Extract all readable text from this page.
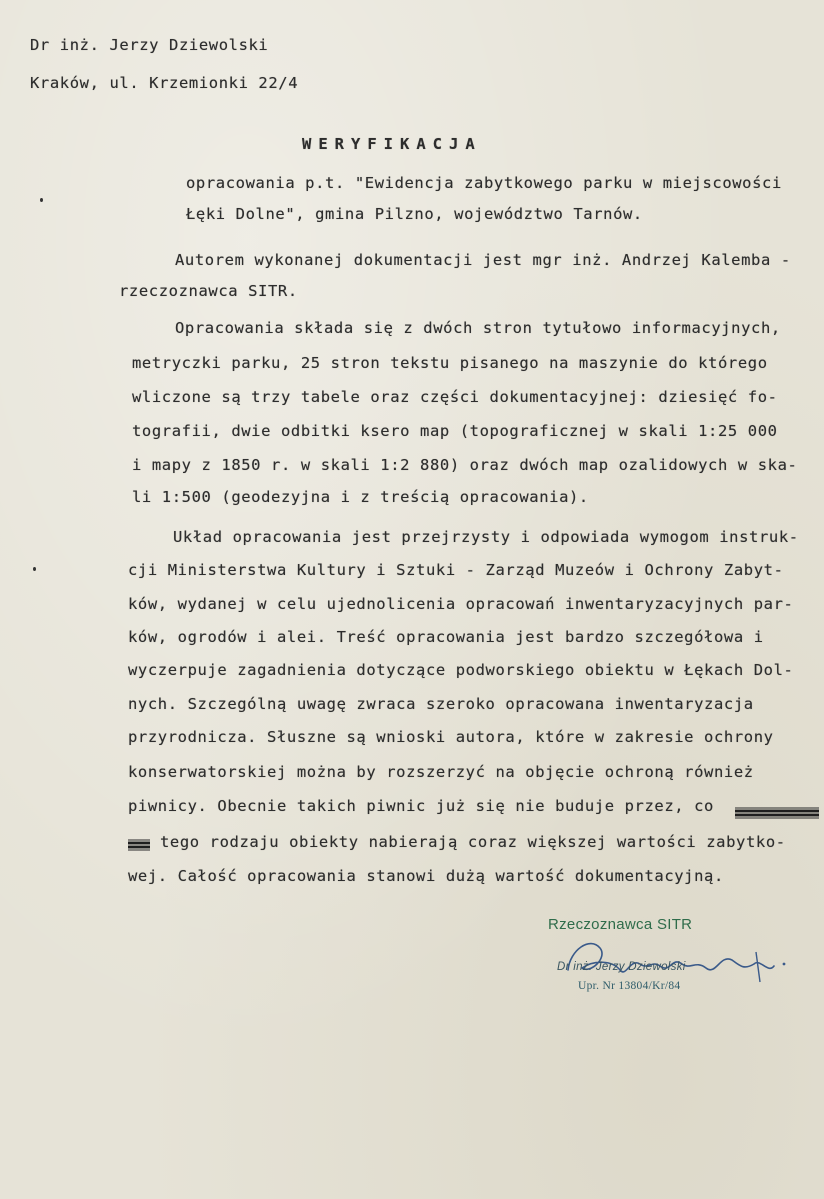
Dr inż. Jerzy Dziewolski

Kraków, ul. Krzemionki 22/4

WERYFIKACJA

opracowania p.t. "Ewidencja zabytkowego parku w miejscowości

Łęki Dolne", gmina Pilzno, województwo Tarnów.

Autorem wykonanej dokumentacji jest mgr inż. Andrzej Kalemba -

rzeczoznawca SITR.

Opracowania składa się z dwóch stron tytułowo informacyjnych,

metryczki parku, 25 stron tekstu pisanego na maszynie do którego

wliczone są trzy tabele oraz części dokumentacyjnej: dziesięć fo-

tografii, dwie odbitki ksero map (topograficznej w skali 1:25 000

i mapy z 1850 r. w skali 1:2 880) oraz dwóch map ozalidowych w ska-

li 1:500 (geodezyjna i z treścią opracowania).

Układ opracowania jest przejrzysty i odpowiada wymogom instruk-

cji Ministerstwa Kultury i Sztuki - Zarząd Muzeów i Ochrony Zabyt-

ków, wydanej w celu ujednolicenia opracowań inwentaryzacyjnych par-

ków, ogrodów i alei. Treść opracowania jest bardzo szczegółowa i

wyczerpuje zagadnienia dotyczące podworskiego obiektu w Łękach Dol-

nych. Szczególną uwagę zwraca szeroko opracowana inwentaryzacja

przyrodnicza. Słuszne są wnioski autora, które w zakresie ochrony

konserwatorskiej można by rozszerzyć na objęcie ochroną również

piwnicy. Obecnie takich piwnic już się nie buduje przez, co

tego rodzaju obiekty nabierają coraz większej wartości zabytko-

wej. Całość opracowania stanowi dużą wartość dokumentacyjną.

Rzeczoznawca SITR

Dr inż. Jerzy Dziewolski

Upr. Nr 13804/Kr/84
